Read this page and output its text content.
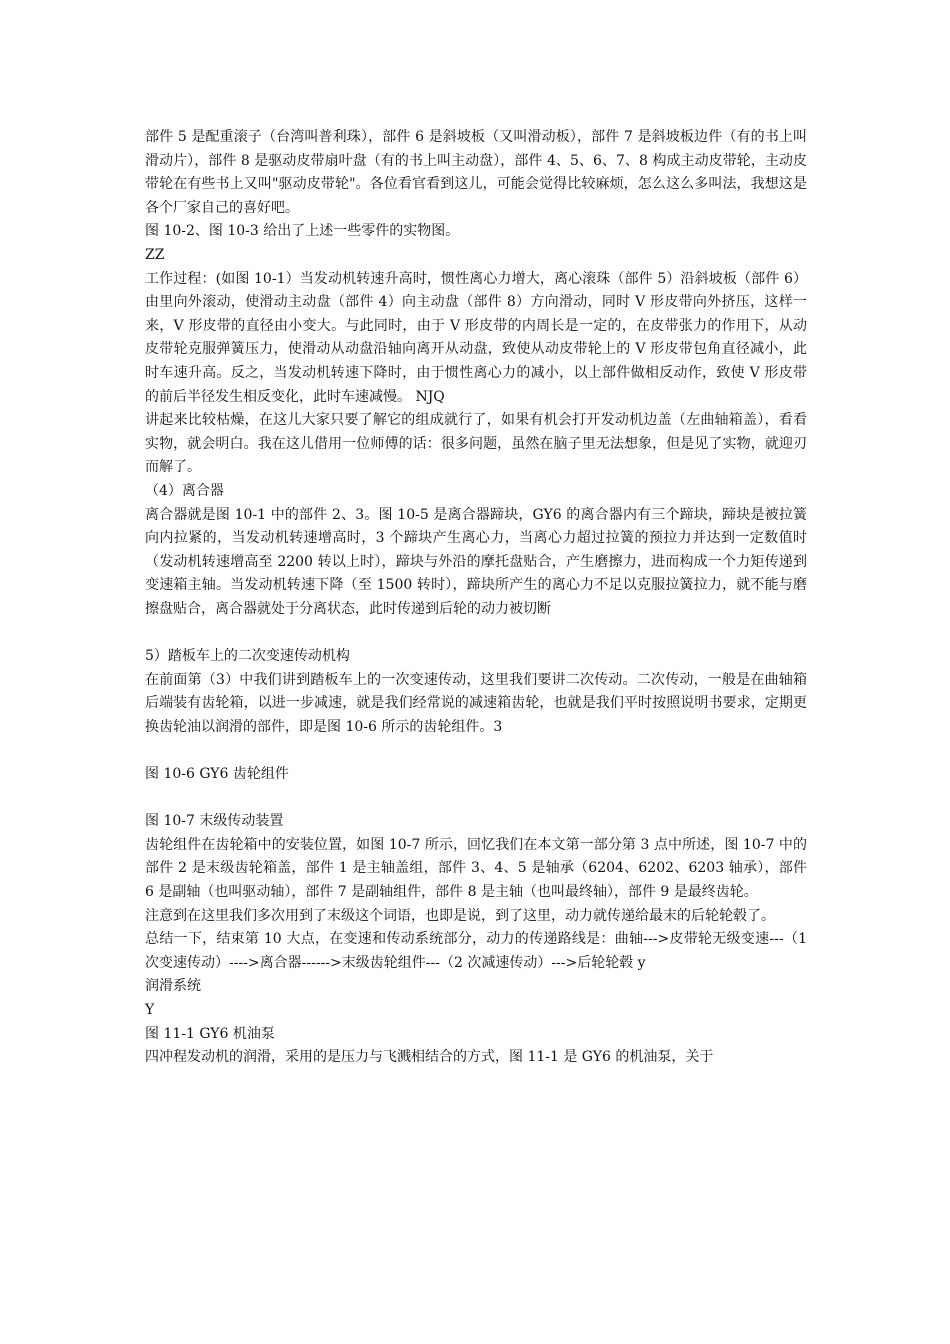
部件 5 是配重滚子（台湾叫普利珠），部件 6 是斜坡板（又叫滑动板），部件 7 是斜坡板边件（有的书上叫滑动片），部件 8 是驱动皮带扇叶盘（有的书上叫主动盘），部件 4、5、6、7、8 构成主动皮带轮，主动皮带轮在有些书上又叫"驱动皮带轮"。各位看官看到这儿，可能会觉得比较麻烦，怎么这么多叫法，我想这是各个厂家自己的喜好吧。

图 10-2、图 10-3 给出了上述一些零件的实物图。

ZZ

工作过程：(如图 10-1）当发动机转速升高时，惯性离心力增大，离心滚珠（部件 5）沿斜坡板（部件 6）由里向外滚动，使滑动主动盘（部件 4）向主动盘（部件 8）方向滑动，同时 V 形皮带向外挤压，这样一来，V 形皮带的直径由小变大。与此同时，由于 V 形皮带的内周长是一定的，在皮带张力的作用下，从动皮带轮克服弹簧压力，使滑动从动盘沿轴向离开从动盘，致使从动皮带轮上的 V 形皮带包角直径减小，此时车速升高。反之，当发动机转速下降时，由于惯性离心力的减小，以上部件做相反动作，致使 V 形皮带的前后半径发生相反变化，此时车速减慢。 NJQ

讲起来比较枯燥，在这儿大家只要了解它的组成就行了，如果有机会打开发动机边盖（左曲轴箱盖），看看实物，就会明白。我在这儿借用一位师傅的话：很多问题，虽然在脑子里无法想象，但是见了实物，就迎刃而解了。

（4）离合器

离合器就是图 10-1 中的部件 2、3。图 10-5 是离合器蹄块，GY6 的离合器内有三个蹄块，蹄块是被拉簧向内拉紧的，当发动机转速增高时，3 个蹄块产生离心力，当离心力超过拉簧的预拉力并达到一定数值时（发动机转速增高至 2200 转以上时），蹄块与外沿的摩托盘贴合，产生磨擦力，进而构成一个力矩传递到变速箱主轴。当发动机转速下降（至 1500 转时），蹄块所产生的离心力不足以克服拉簧拉力，就不能与磨擦盘贴合，离合器就处于分离状态，此时传递到后轮的动力被切断

5）踏板车上的二次变速传动机构

在前面第（3）中我们讲到踏板车上的一次变速传动，这里我们要讲二次传动。二次传动，一般是在曲轴箱后端装有齿轮箱，以进一步减速，就是我们经常说的减速箱齿轮，也就是我们平时按照说明书要求，定期更换齿轮油以润滑的部件，即是图 10-6 所示的齿轮组件。3

图 10-6 GY6 齿轮组件

图 10-7 末级传动装置

齿轮组件在齿轮箱中的安装位置，如图 10-7 所示，回忆我们在本文第一部分第 3 点中所述，图 10-7 中的部件 2 是末级齿轮箱盖，部件 1 是主轴盖组，部件 3、4、5 是轴承（6204、6202、6203 轴承），部件 6 是副轴（也叫驱动轴），部件 7 是副轴组件，部件 8 是主轴（也叫最终轴），部件 9 是最终齿轮。

注意到在这里我们多次用到了末级这个词语，也即是说，到了这里，动力就传递给最末的后轮轮毂了。

总结一下，结束第 10 大点，在变速和传动系统部分，动力的传递路线是：曲轴--->皮带轮无级变速---（1 次变速传动）---->离合器------>末级齿轮组件---（2 次减速传动）--->后轮轮毂 y

润滑系统

Y

图 11-1 GY6 机油泵

四冲程发动机的润滑，采用的是压力与飞溅相结合的方式，图 11-1 是 GY6 的机油泵，关于
